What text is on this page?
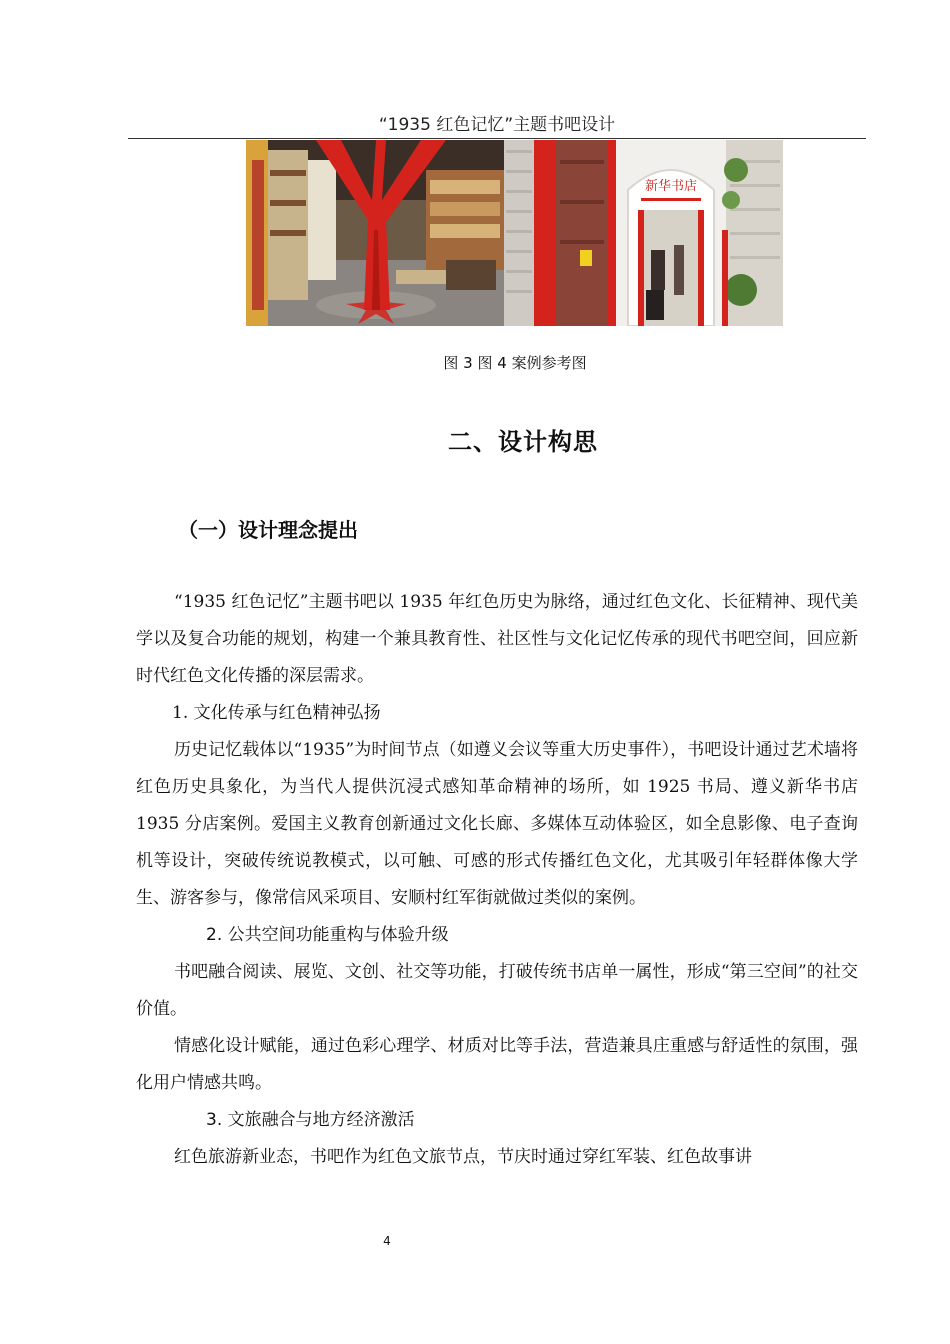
“1935 红色记忆”主题书吧设计
新华书店
图 3 图 4 案例参考图
二、设计构思
（一）设计理念提出

“1935 红色记忆”主题书吧以 1935 年红色历史为脉络，通过红色文化、长征精神、现代美学以及复合功能的规划，构建一个兼具教育性、社区性与文化记忆传承的现代书吧空间，回应新时代红色文化传播的深层需求。

1. 文化传承与红色精神弘扬

历史记忆载体以“1935”为时间节点（如遵义会议等重大历史事件），书吧设计通过艺术墙将红色历史具象化，为当代人提供沉浸式感知革命精神的场所，如 1925 书局、遵义新华书店 1935 分店案例。爱国主义教育创新通过文化长廊、多媒体互动体验区，如全息影像、电子查询机等设计，突破传统说教模式，以可触、可感的形式传播红色文化，尤其吸引年轻群体像大学生、游客参与，像常信风采项目、安顺村红军街就做过类似的案例。

2. 公共空间功能重构与体验升级

书吧融合阅读、展览、文创、社交等功能，打破传统书店单一属性，形成“第三空间”的社交价值。

情感化设计赋能，通过色彩心理学、材质对比等手法，营造兼具庄重感与舒适性的氛围，强化用户情感共鸣。

3. 文旅融合与地方经济激活

红色旅游新业态，书吧作为红色文旅节点，节庆时通过穿红军装、红色故事讲

4
